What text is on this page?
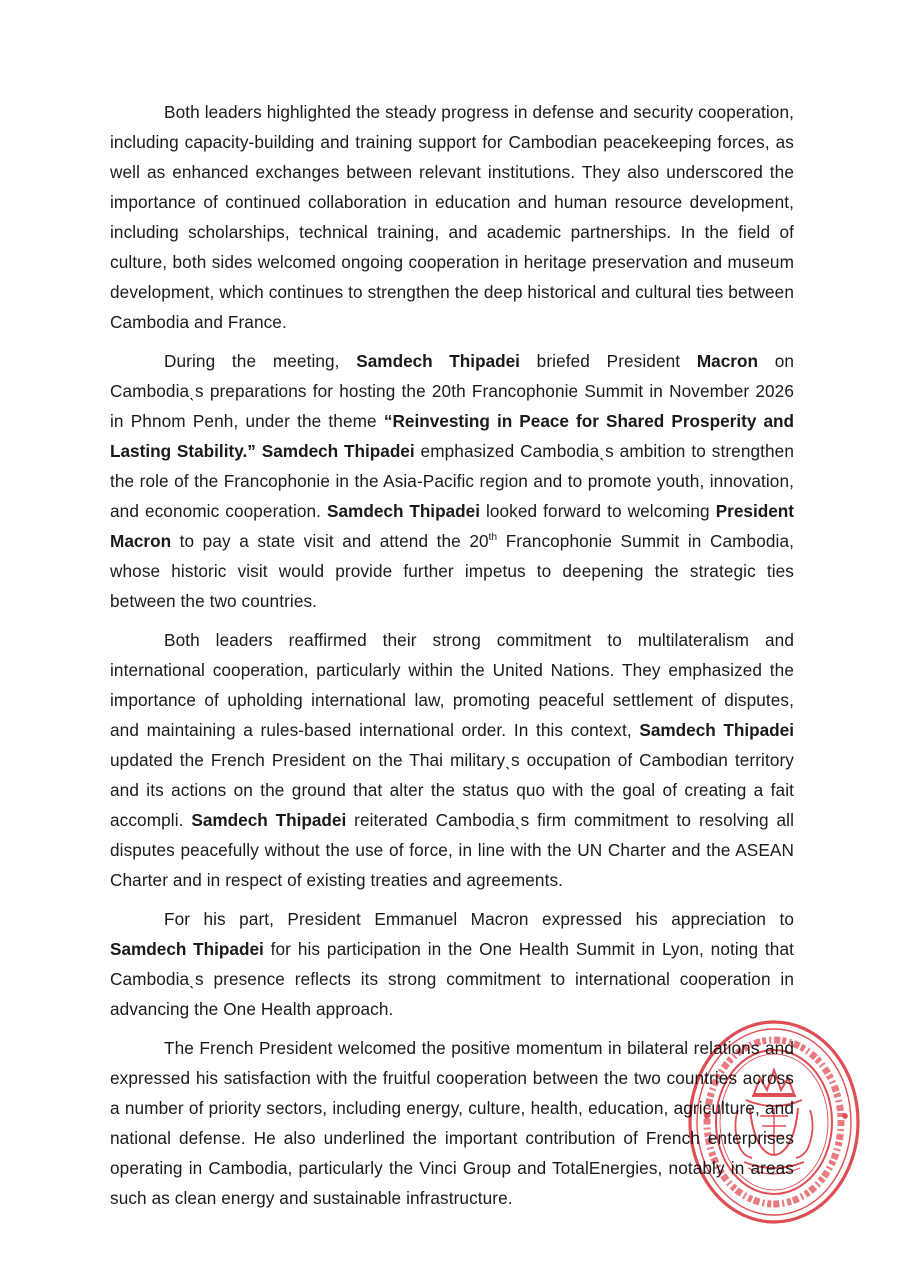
Both leaders highlighted the steady progress in defense and security cooperation, including capacity-building and training support for Cambodian peacekeeping forces, as well as enhanced exchanges between relevant institutions. They also underscored the importance of continued collaboration in education and human resource development, including scholarships, technical training, and academic partnerships. In the field of culture, both sides welcomed ongoing cooperation in heritage preservation and museum development, which continues to strengthen the deep historical and cultural ties between Cambodia and France.

During the meeting, Samdech Thipadei briefed President Macron on Cambodiaˎs preparations for hosting the 20th Francophonie Summit in November 2026 in Phnom Penh, under the theme “Reinvesting in Peace for Shared Prosperity and Lasting Stability.” Samdech Thipadei emphasized Cambodiaˎs ambition to strengthen the role of the Francophonie in the Asia-Pacific region and to promote youth, innovation, and economic cooperation. Samdech Thipadei looked forward to welcoming President Macron to pay a state visit and attend the 20th Francophonie Summit in Cambodia, whose historic visit would provide further impetus to deepening the strategic ties between the two countries.

Both leaders reaffirmed their strong commitment to multilateralism and international cooperation, particularly within the United Nations. They emphasized the importance of upholding international law, promoting peaceful settlement of disputes, and maintaining a rules-based international order. In this context, Samdech Thipadei updated the French President on the Thai militaryˎs occupation of Cambodian territory and its actions on the ground that alter the status quo with the goal of creating a fait accompli. Samdech Thipadei reiterated Cambodiaˎs firm commitment to resolving all disputes peacefully without the use of force, in line with the UN Charter and the ASEAN Charter and in respect of existing treaties and agreements.

For his part, President Emmanuel Macron expressed his appreciation to Samdech Thipadei for his participation in the One Health Summit in Lyon, noting that Cambodiaˎs presence reflects its strong commitment to international cooperation in advancing the One Health approach.

The French President welcomed the positive momentum in bilateral relations and expressed his satisfaction with the fruitful cooperation between the two countries across a number of priority sectors, including energy, culture, health, education, agriculture, and national defense. He also underlined the important contribution of French enterprises operating in Cambodia, particularly the Vinci Group and TotalEnergies, notably in areas such as clean energy and sustainable infrastructure.
